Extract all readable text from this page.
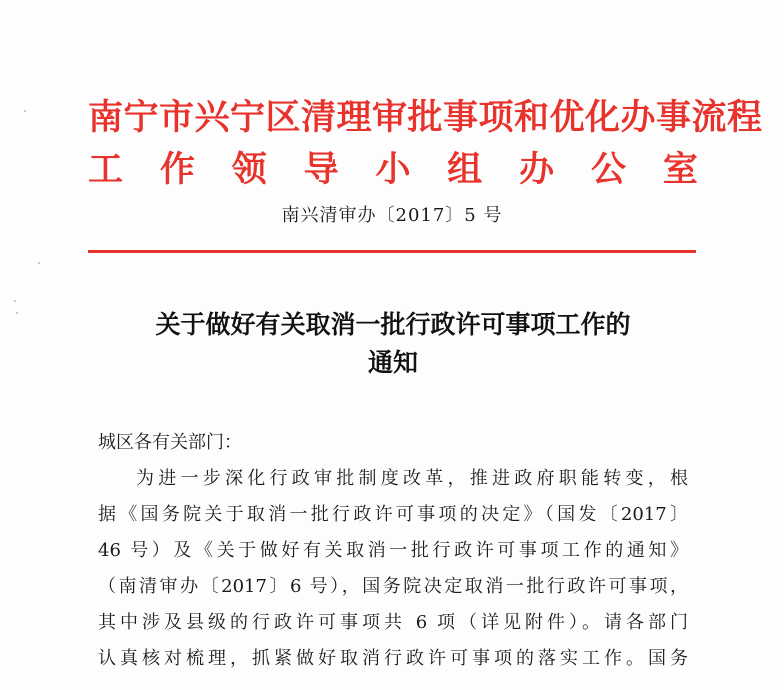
南宁市兴宁区清理审批事项和优化办事流程
工 作 领 导 小 组 办 公 室
南兴清审办〔2017〕5 号
关于做好有关取消一批行政许可事项工作的
通知
城区各有关部门：
为进一步深化行政审批制度改革，推进政府职能转变，根
据《国务院关于取消一批行政许可事项的决定》（国发〔2017〕
46 号）及《关于做好有关取消一批行政许可事项工作的通知》
（南清审办〔2017〕6 号），国务院决定取消一批行政许可事项，
其中涉及县级的行政许可事项共 6 项（详见附件）。请各部门
认真核对梳理，抓紧做好取消行政许可事项的落实工作。国务
